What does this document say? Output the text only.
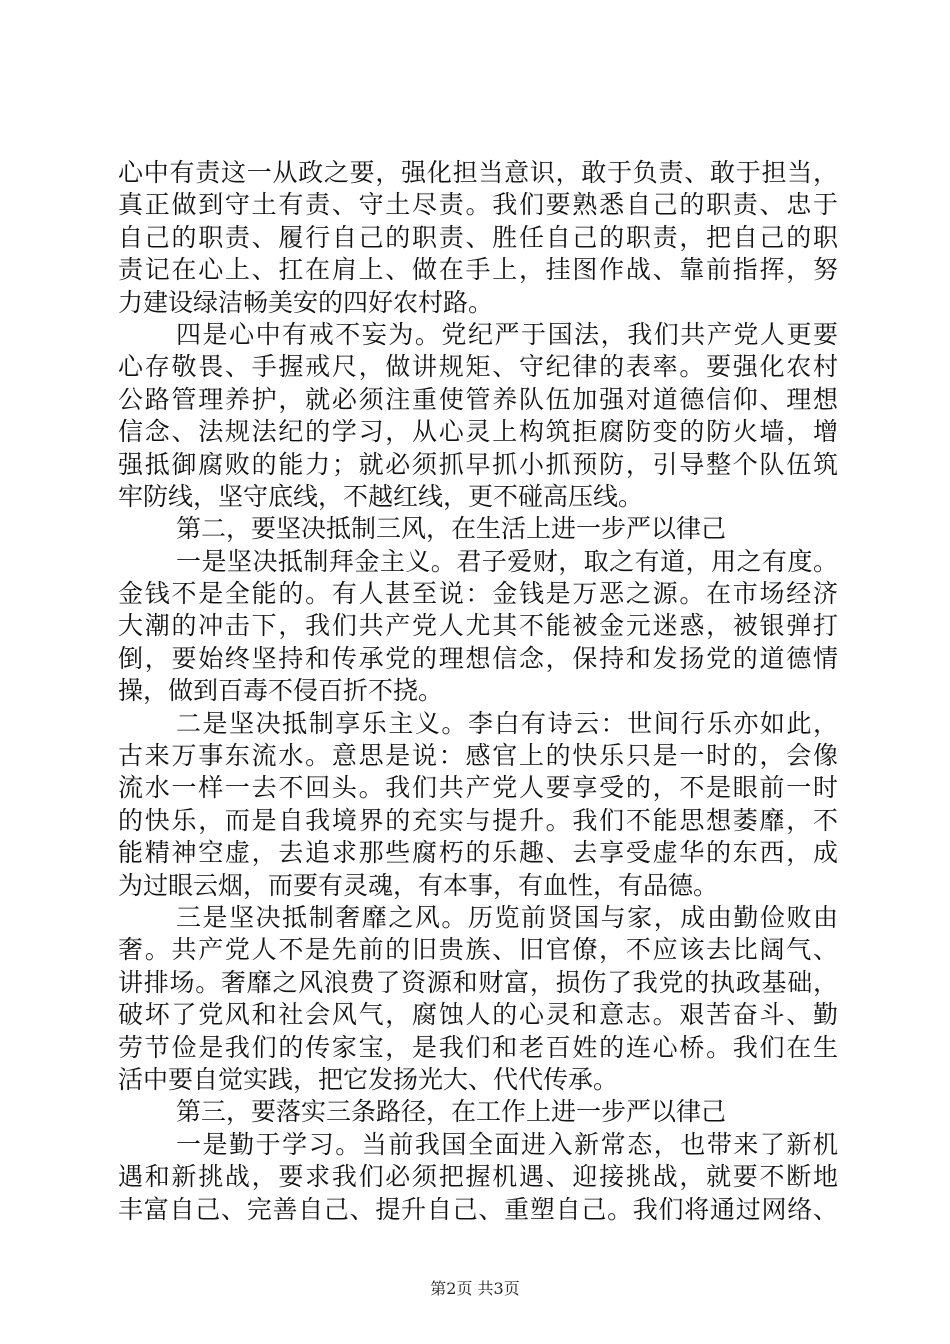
心中有责这一从政之要，强化担当意识，敢于负责、敢于担当，
真正做到守土有责、守土尽责。我们要熟悉自己的职责、忠于
自己的职责、履行自己的职责、胜任自己的职责，把自己的职
责记在心上、扛在肩上、做在手上，挂图作战、靠前指挥，努
力建设绿洁畅美安的四好农村路。
四是心中有戒不妄为。党纪严于国法，我们共产党人更要
心存敬畏、手握戒尺，做讲规矩、守纪律的表率。要强化农村
公路管理养护，就必须注重使管养队伍加强对道德信仰、理想
信念、法规法纪的学习，从心灵上构筑拒腐防变的防火墙，增
强抵御腐败的能力；就必须抓早抓小抓预防，引导整个队伍筑
牢防线，坚守底线，不越红线，更不碰高压线。
第二，要坚决抵制三风，在生活上进一步严以律己
一是坚决抵制拜金主义。君子爱财，取之有道，用之有度。
金钱不是全能的。有人甚至说：金钱是万恶之源。在市场经济
大潮的冲击下，我们共产党人尤其不能被金元迷惑，被银弹打
倒，要始终坚持和传承党的理想信念，保持和发扬党的道德情
操，做到百毒不侵百折不挠。
二是坚决抵制享乐主义。李白有诗云：世间行乐亦如此，
古来万事东流水。意思是说：感官上的快乐只是一时的，会像
流水一样一去不回头。我们共产党人要享受的，不是眼前一时
的快乐，而是自我境界的充实与提升。我们不能思想萎靡，不
能精神空虚，去追求那些腐朽的乐趣、去享受虚华的东西，成
为过眼云烟，而要有灵魂，有本事，有血性，有品德。
三是坚决抵制奢靡之风。历览前贤国与家，成由勤俭败由
奢。共产党人不是先前的旧贵族、旧官僚，不应该去比阔气、
讲排场。奢靡之风浪费了资源和财富，损伤了我党的执政基础，
破坏了党风和社会风气，腐蚀人的心灵和意志。艰苦奋斗、勤
劳节俭是我们的传家宝，是我们和老百姓的连心桥。我们在生
活中要自觉实践，把它发扬光大、代代传承。
第三，要落实三条路径，在工作上进一步严以律己
一是勤于学习。当前我国全面进入新常态，也带来了新机
遇和新挑战，要求我们必须把握机遇、迎接挑战，就要不断地
丰富自己、完善自己、提升自己、重塑自己。我们将通过网络、
第2页 共3页
